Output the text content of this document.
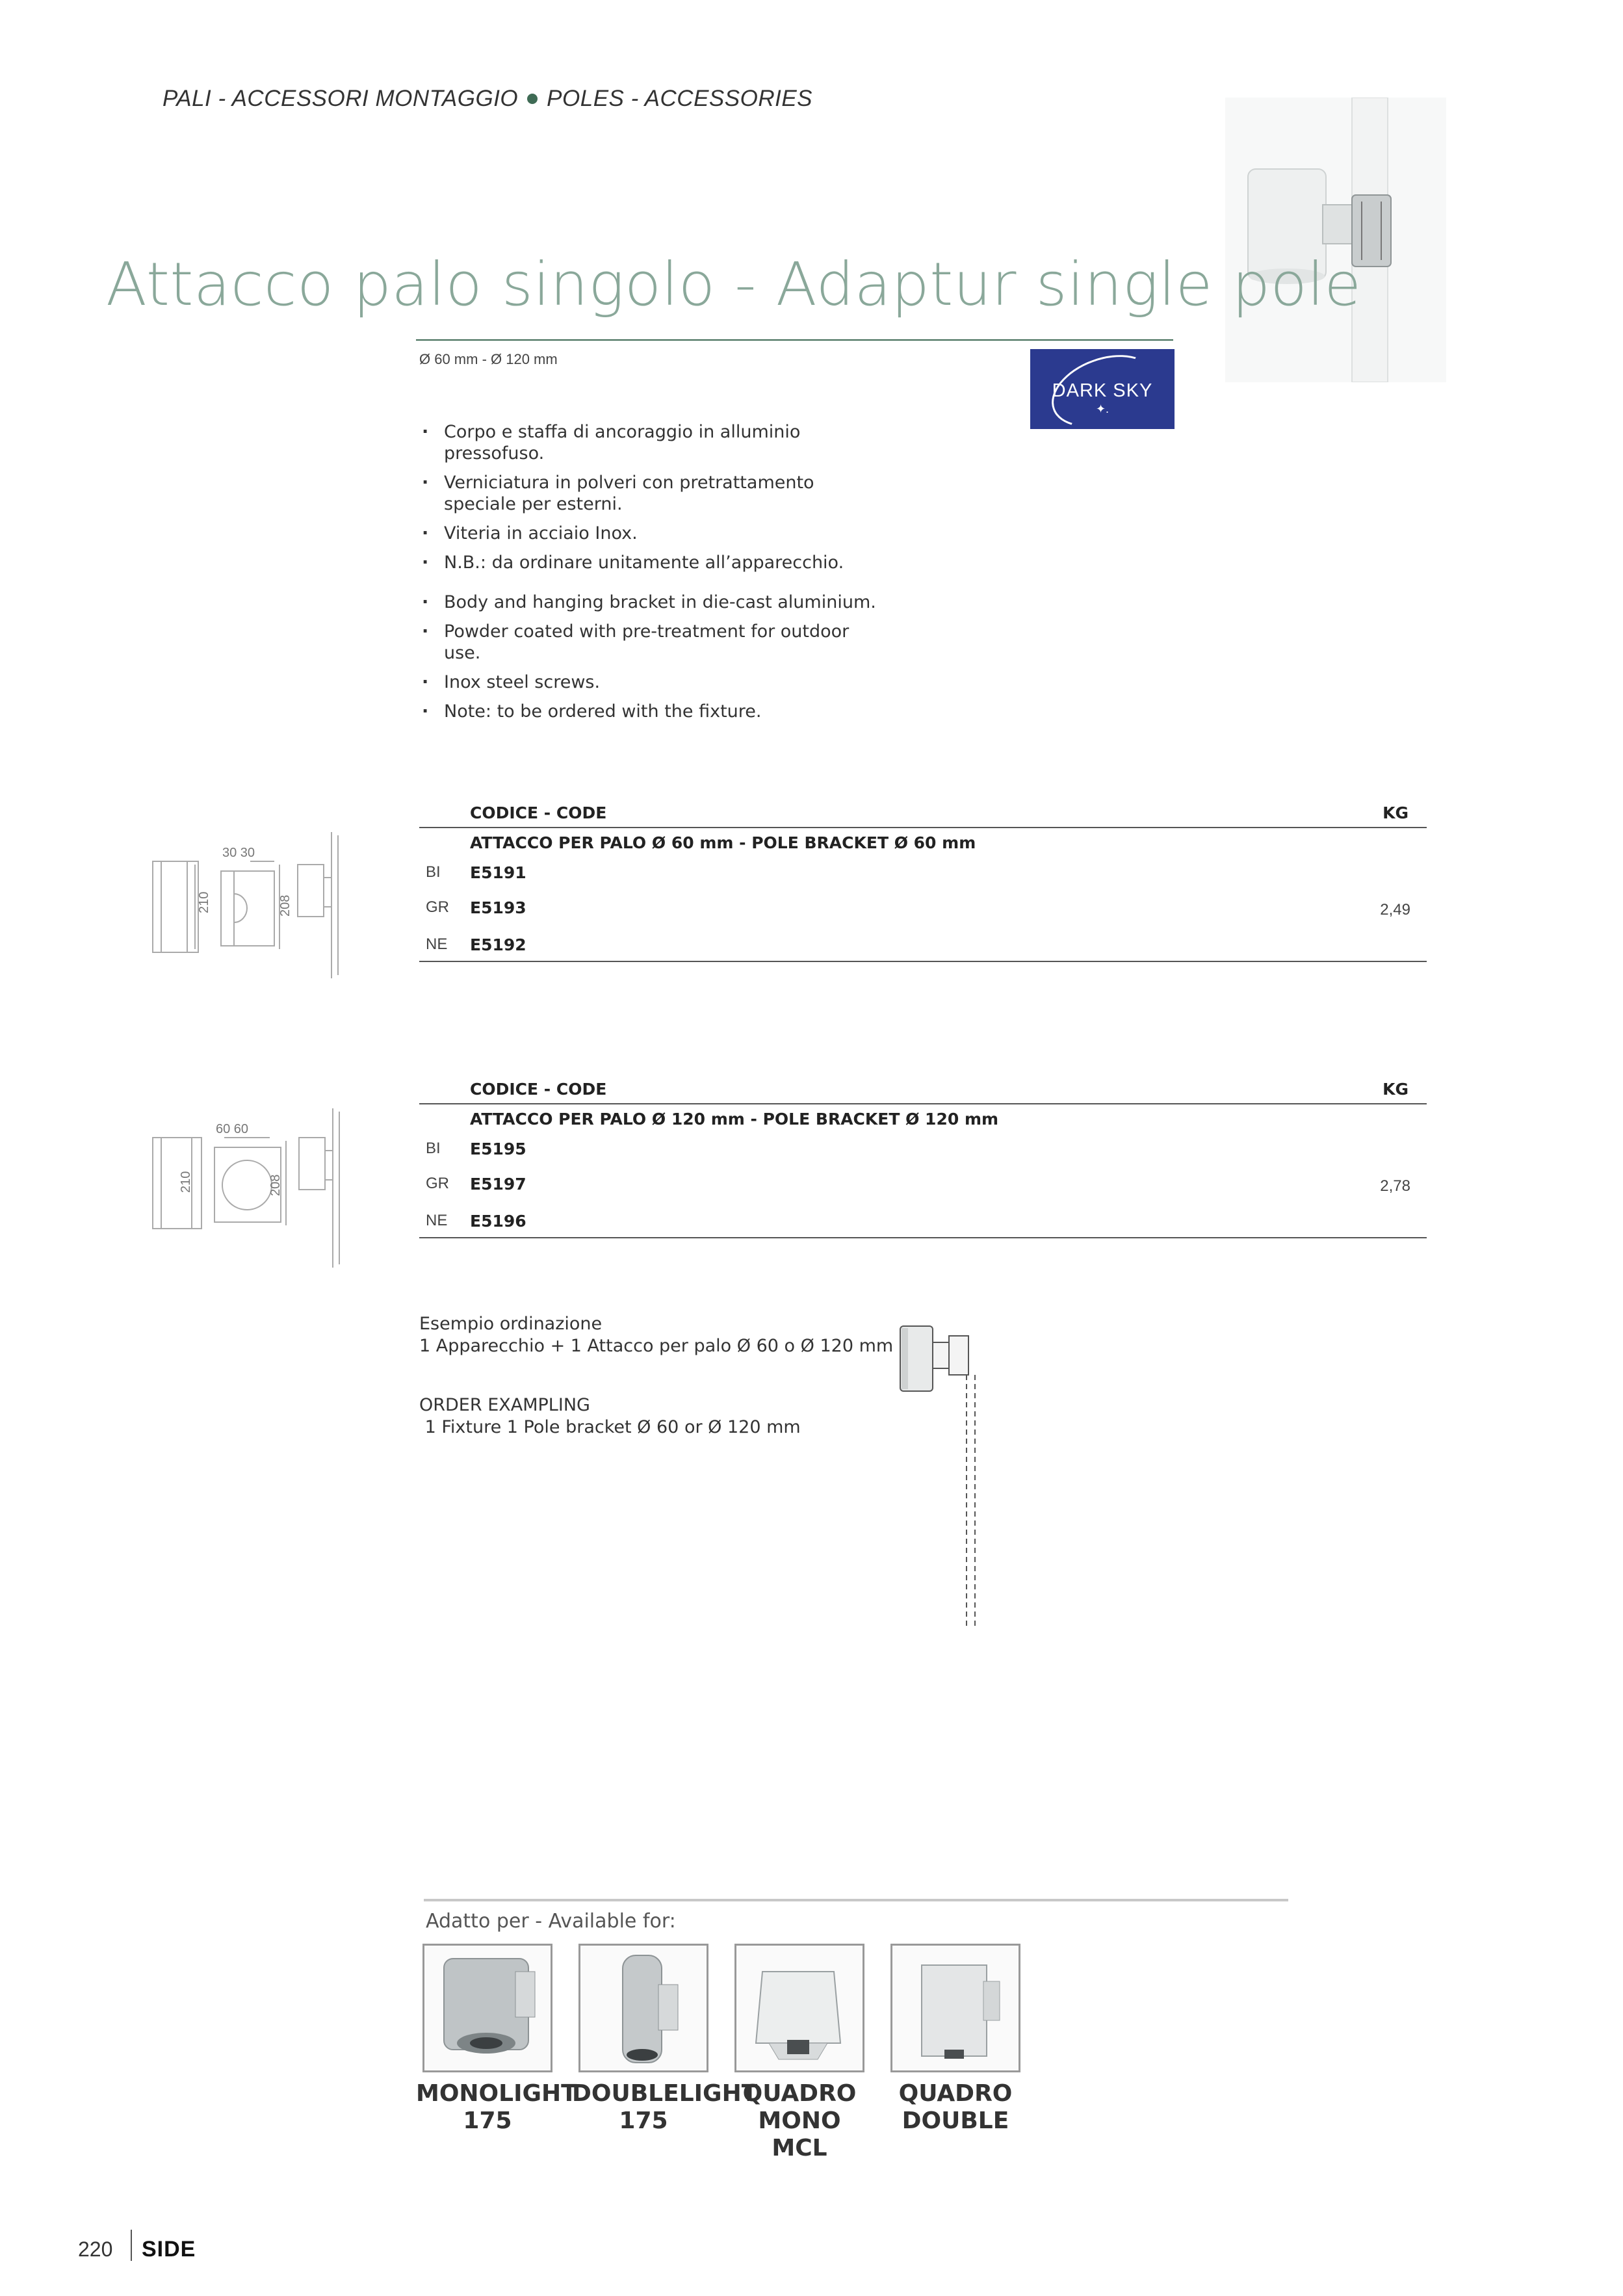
PALI - ACCESSORI MONTAGGIO POLES - ACCESSORIES
Attacco palo singolo - Adaptur single pole
Ø 60 mm - Ø 120 mm
DARK SKY
✦.
· Corpo e staffa di ancoraggio in alluminio pressofuso.
· Verniciatura in polveri con pretrattamento speciale per esterni.
· Viteria in acciaio Inox.
· N.B.: da ordinare unitamente all’apparecchio.
· Body and hanging bracket in die-cast aluminium.
· Powder coated with pre-treatment for outdoor use.
· Inox steel screws.
· Note: to be ordered with the fixture.
30 30
210	208
CODICE - CODE	KG
ATTACCO PER PALO Ø 60 mm - POLE BRACKET Ø 60 mm
BI E5191
GR E5193
NE E5192
2,49
60 60
210	208
CODICE - CODE	KG
ATTACCO PER PALO Ø 120 mm - POLE BRACKET Ø 120 mm
BI E5195
GR E5197
NE E5196
2,78
Esempio ordinazione
1 Apparecchio + 1 Attacco per palo Ø 60 o Ø 120 mm
ORDER EXAMPLING
1 Fixture 1 Pole bracket Ø 60 or Ø 120 mm
Adatto per - Available for:
MONOLIGHT
175
DOUBLELIGHT
175
QUADRO
MONO MCL
QUADRO
DOUBLE
220 SIDE
